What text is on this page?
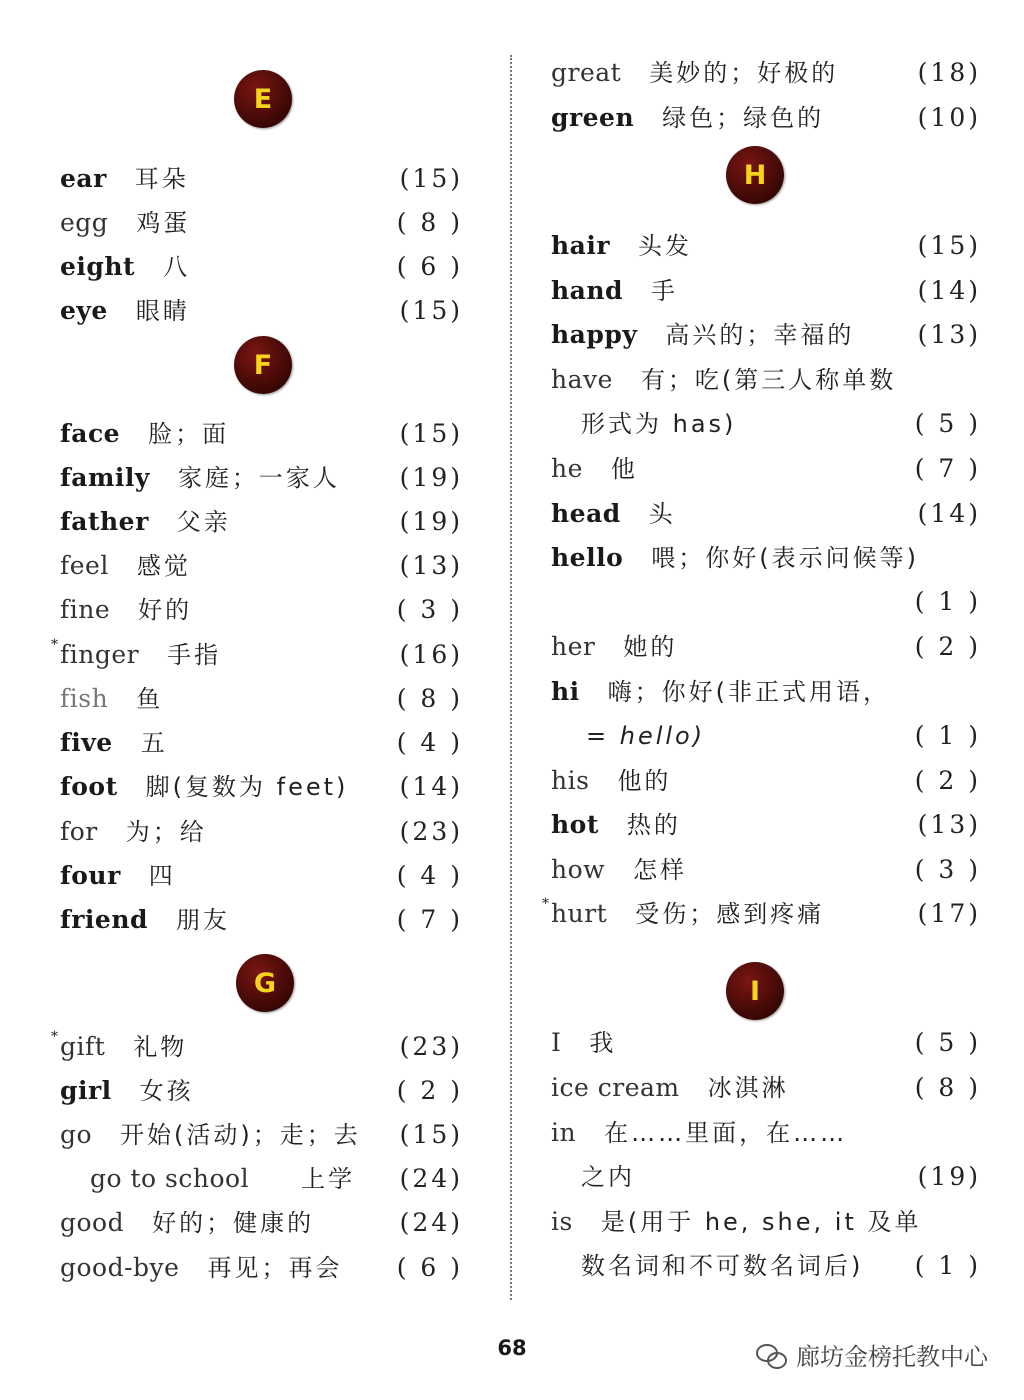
E
ear 耳朵	(15)
egg 鸡蛋	( 8 )
eight 八	( 6 )
eye 眼睛	(15)
F
face 脸；面	(15)
family 家庭；一家人 (19)
father 父亲	(19)
feel 感觉	(13)
fine 好的	( 3 )
* finger 手指	(16)
fish 鱼	( 8 )
five 五	( 4 )
foot 脚(复数为 feet) (14)
for 为；给	(23)
four 四	( 4 )
friend 朋友	( 7 )
G
* gift 礼物	(23)
girl 女孩	( 2 )
go 开始(活动)；走；去 (15)
go to school 上学 (24)
good 好的；健康的	(24)
good-bye 再见；再会 ( 6 )
great 美妙的；好极的	(18)
green 绿色；绿色的	(10)
H
hair 头发	(15)
hand 手	(14)
happy 高兴的；幸福的	(13)
have 有；吃(第三人称单数
形式为 has)	( 5 )
he 他	( 7 )
head 头	(14)
hello 喂；你好(表示问候等)
( 1 )
her 她的	( 2 )
hi 嗨；你好(非正式用语，
= hello)	( 1 )
his 他的	( 2 )
hot 热的	(13)
how 怎样	( 3 )
* hurt 受伤；感到疼痛	(17)
I
I 我	( 5 )
ice cream 冰淇淋	( 8 )
in 在……里面，在……
之内	(19)
is 是(用于 he, she, it 及单
数名词和不可数名词后) ( 1 )
68	廊坊金榜托教中心
